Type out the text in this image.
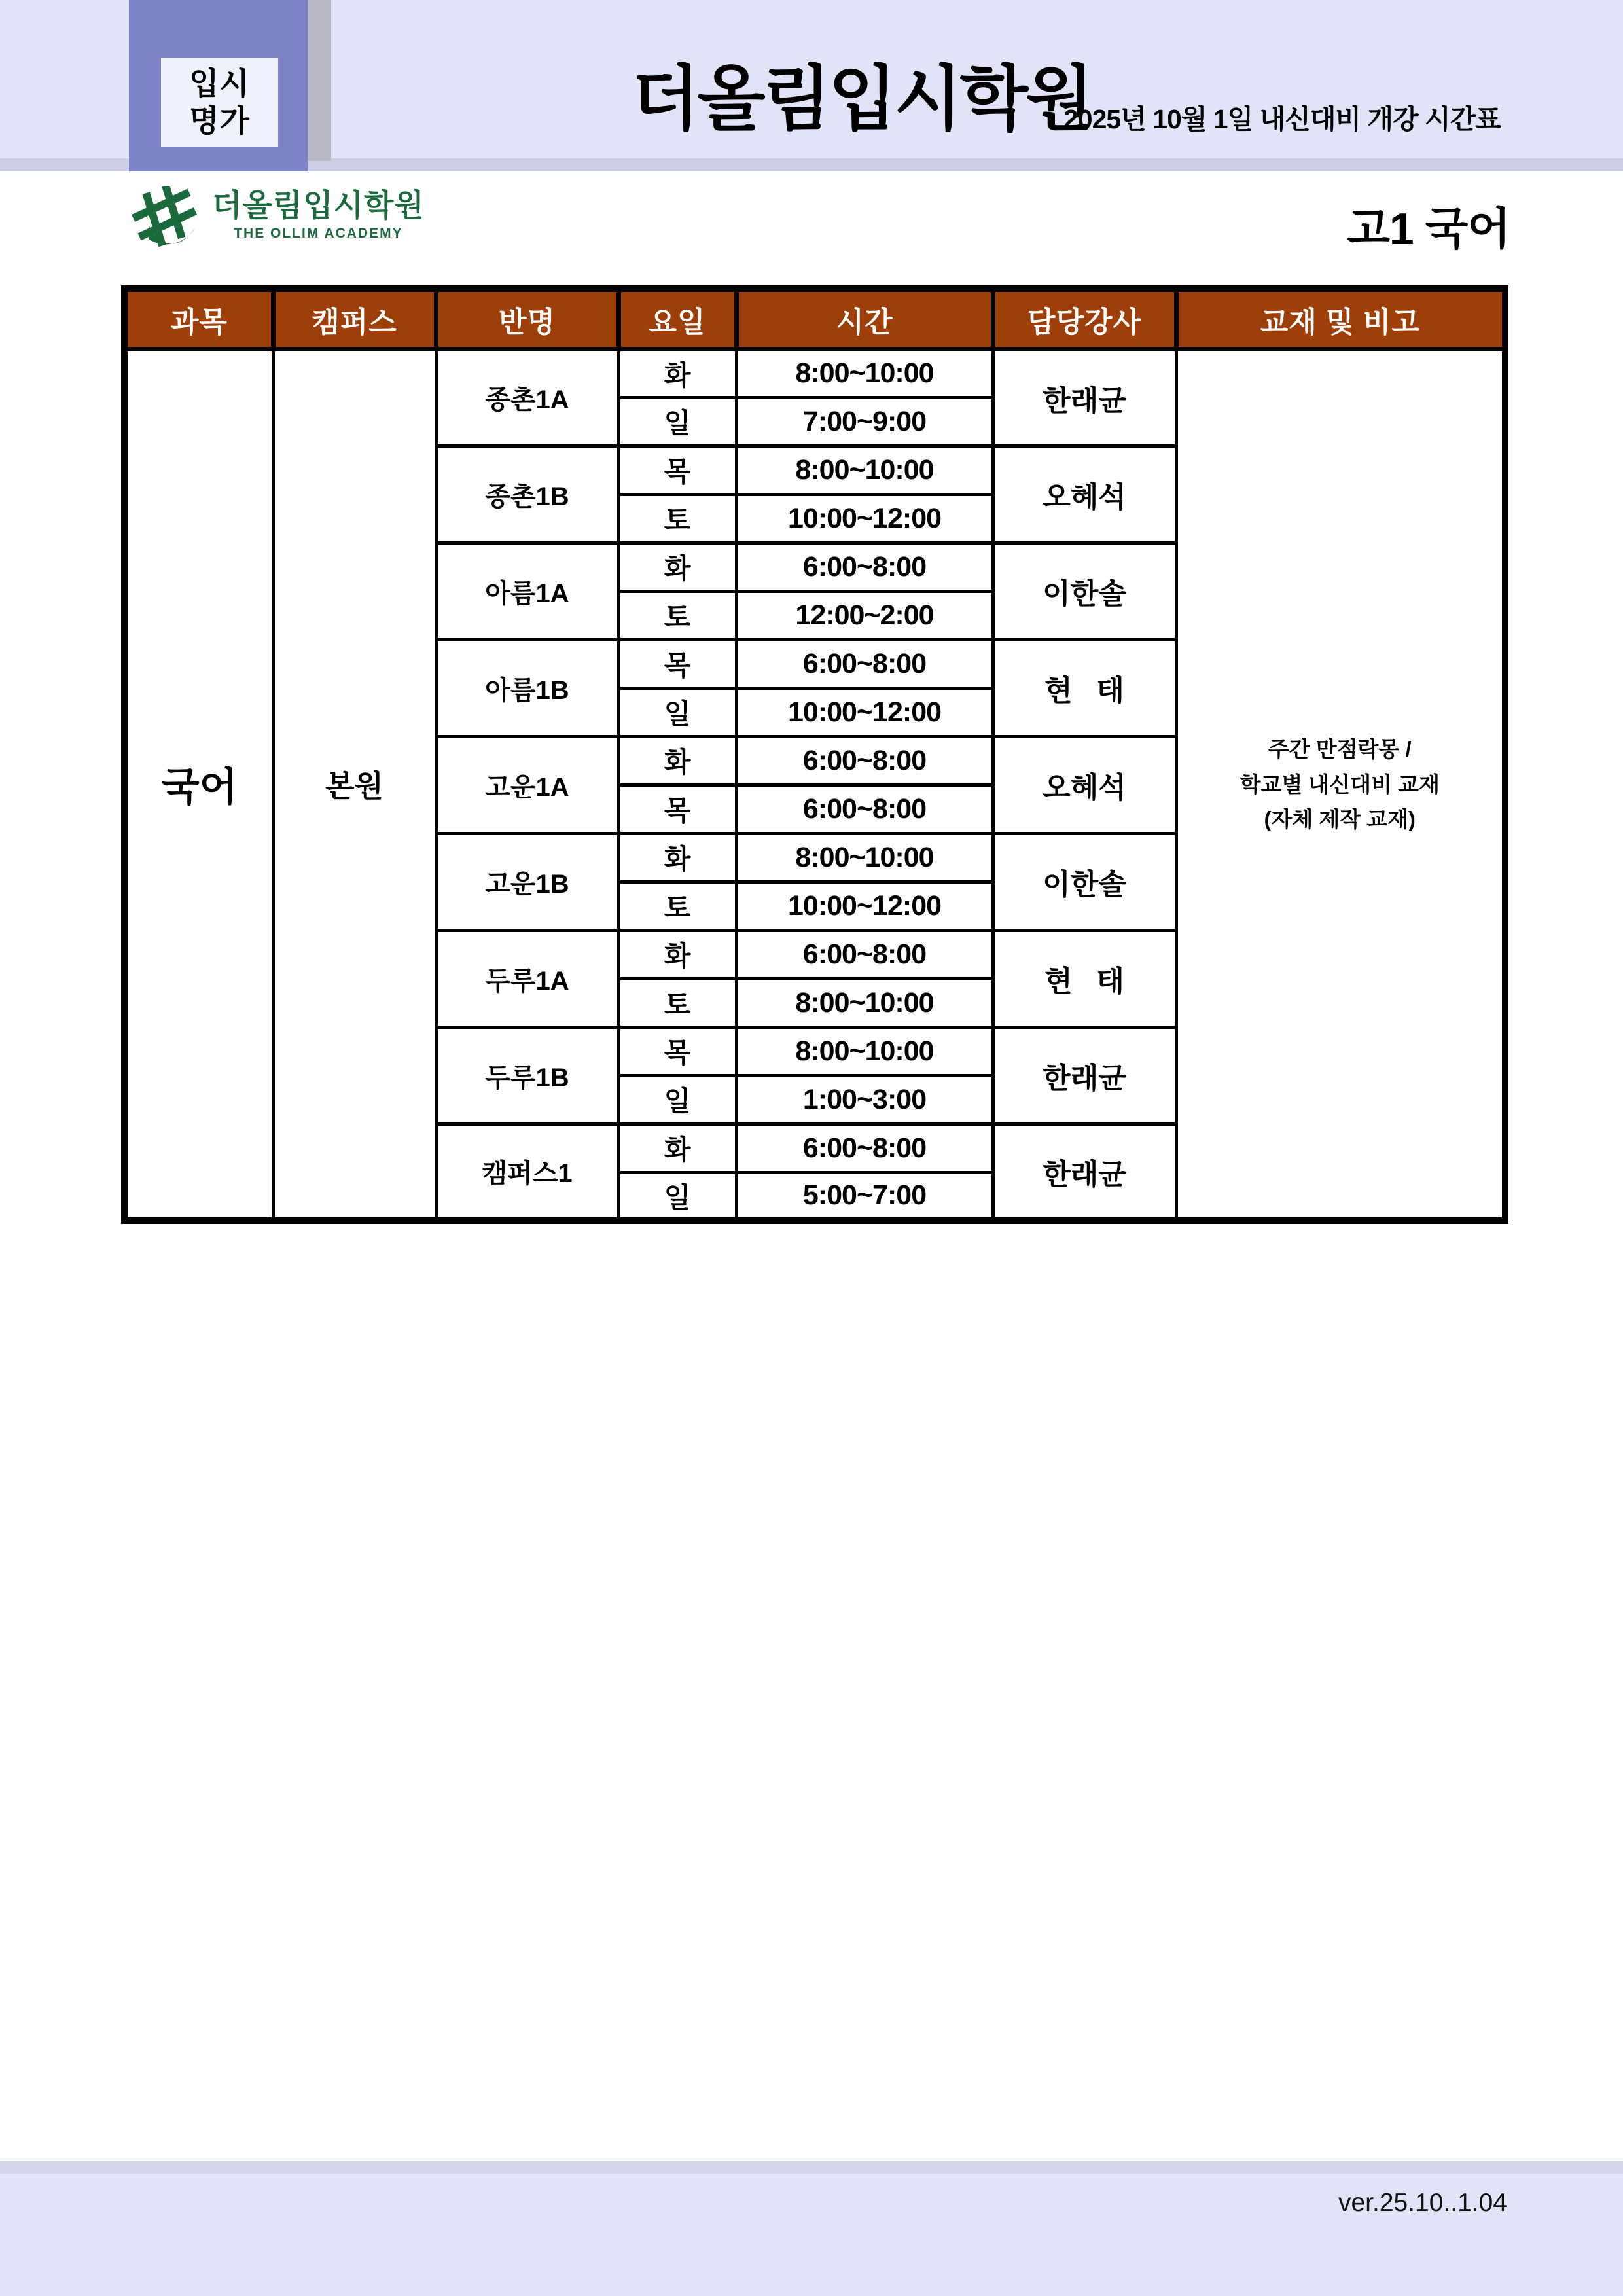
입시
명가	더올림입시학원
2025년 10월 1일 내신대비 개강 시간표
더올림입시학원
THE OLLIM ACADEMY	고1 국어
과목	캠퍼스	반명	요일	시간	담당강사	교재 및 비고
국어	본원	종촌1A	화	8:00~10:00	한래균	주간 만점락몽 /
학교별 내신대비 교재
(자체 제작 교재)

			일	7:00~9:00		
		종촌1B	목	8:00~10:00	오혜석	
			토	10:00~12:00		
		아름1A	화	6:00~8:00	이한솔	
			토	12:00~2:00		
		아름1B	목	6:00~8:00	현   태	
			일	10:00~12:00		
		고운1A	화	6:00~8:00	오혜석	
			목	6:00~8:00		
		고운1B	화	8:00~10:00	이한솔	
			토	10:00~12:00		
		두루1A	화	6:00~8:00	현   태	
			토	8:00~10:00		
		두루1B	목	8:00~10:00	한래균	
			일	1:00~3:00		
		캠퍼스1	화	6:00~8:00	한래균	
			일	5:00~7:00		
ver.25.10..1.04
